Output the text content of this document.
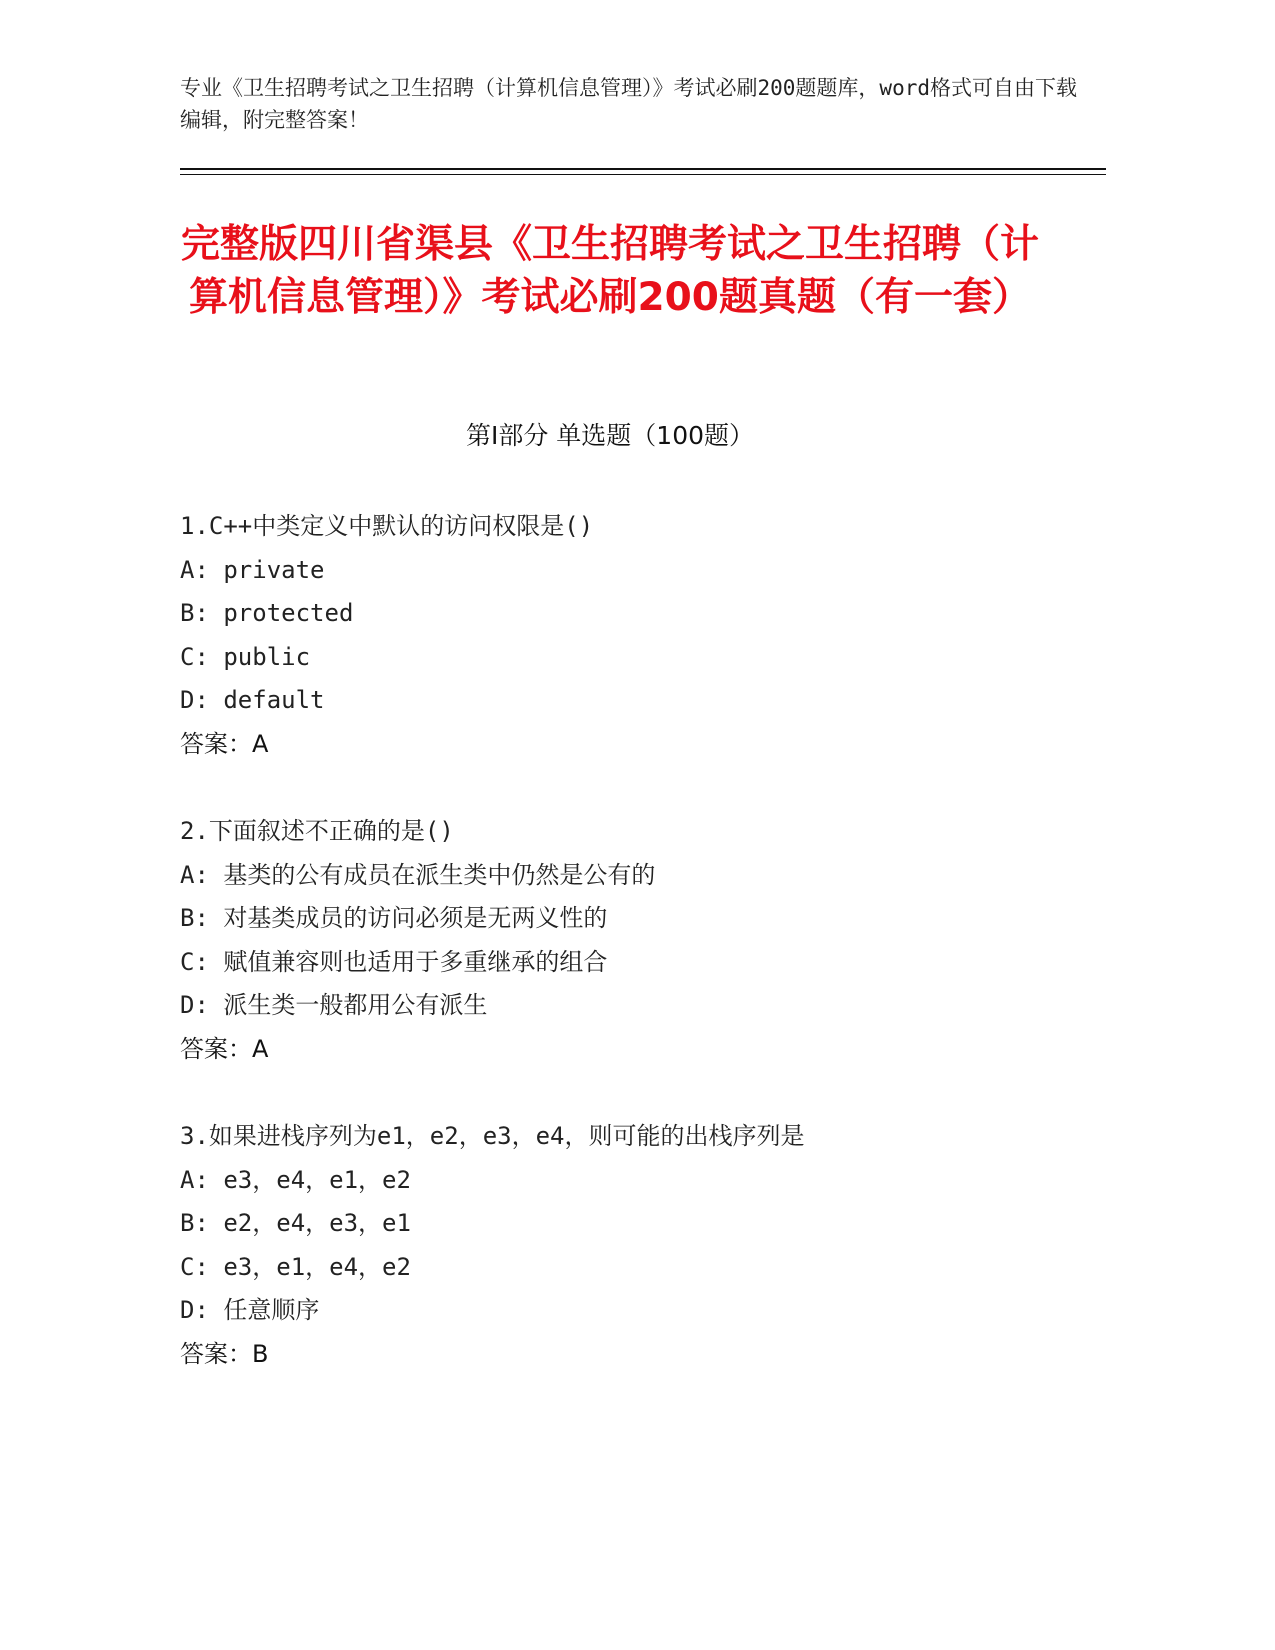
专业《卫生招聘考试之卫生招聘（计算机信息管理）》考试必刷200题题库，word格式可自由下载编辑，附完整答案！
完整版四川省渠县《卫生招聘考试之卫生招聘（计算机信息管理）》考试必刷200题真题（有一套）
第Ⅰ部分 单选题（100题）
1.C++中类定义中默认的访问权限是()
A: private
B: protected
C: public
D: default
答案：A
2.下面叙述不正确的是()
A: 基类的公有成员在派生类中仍然是公有的
B: 对基类成员的访问必须是无两义性的
C: 赋值兼容则也适用于多重继承的组合
D: 派生类一般都用公有派生
答案：A
3.如果进栈序列为e1，e2，e3，e4，则可能的出栈序列是
A: e3，e4，e1，e2
B: e2，e4，e3，e1
C: e3，e1，e4，e2
D: 任意顺序
答案：B
